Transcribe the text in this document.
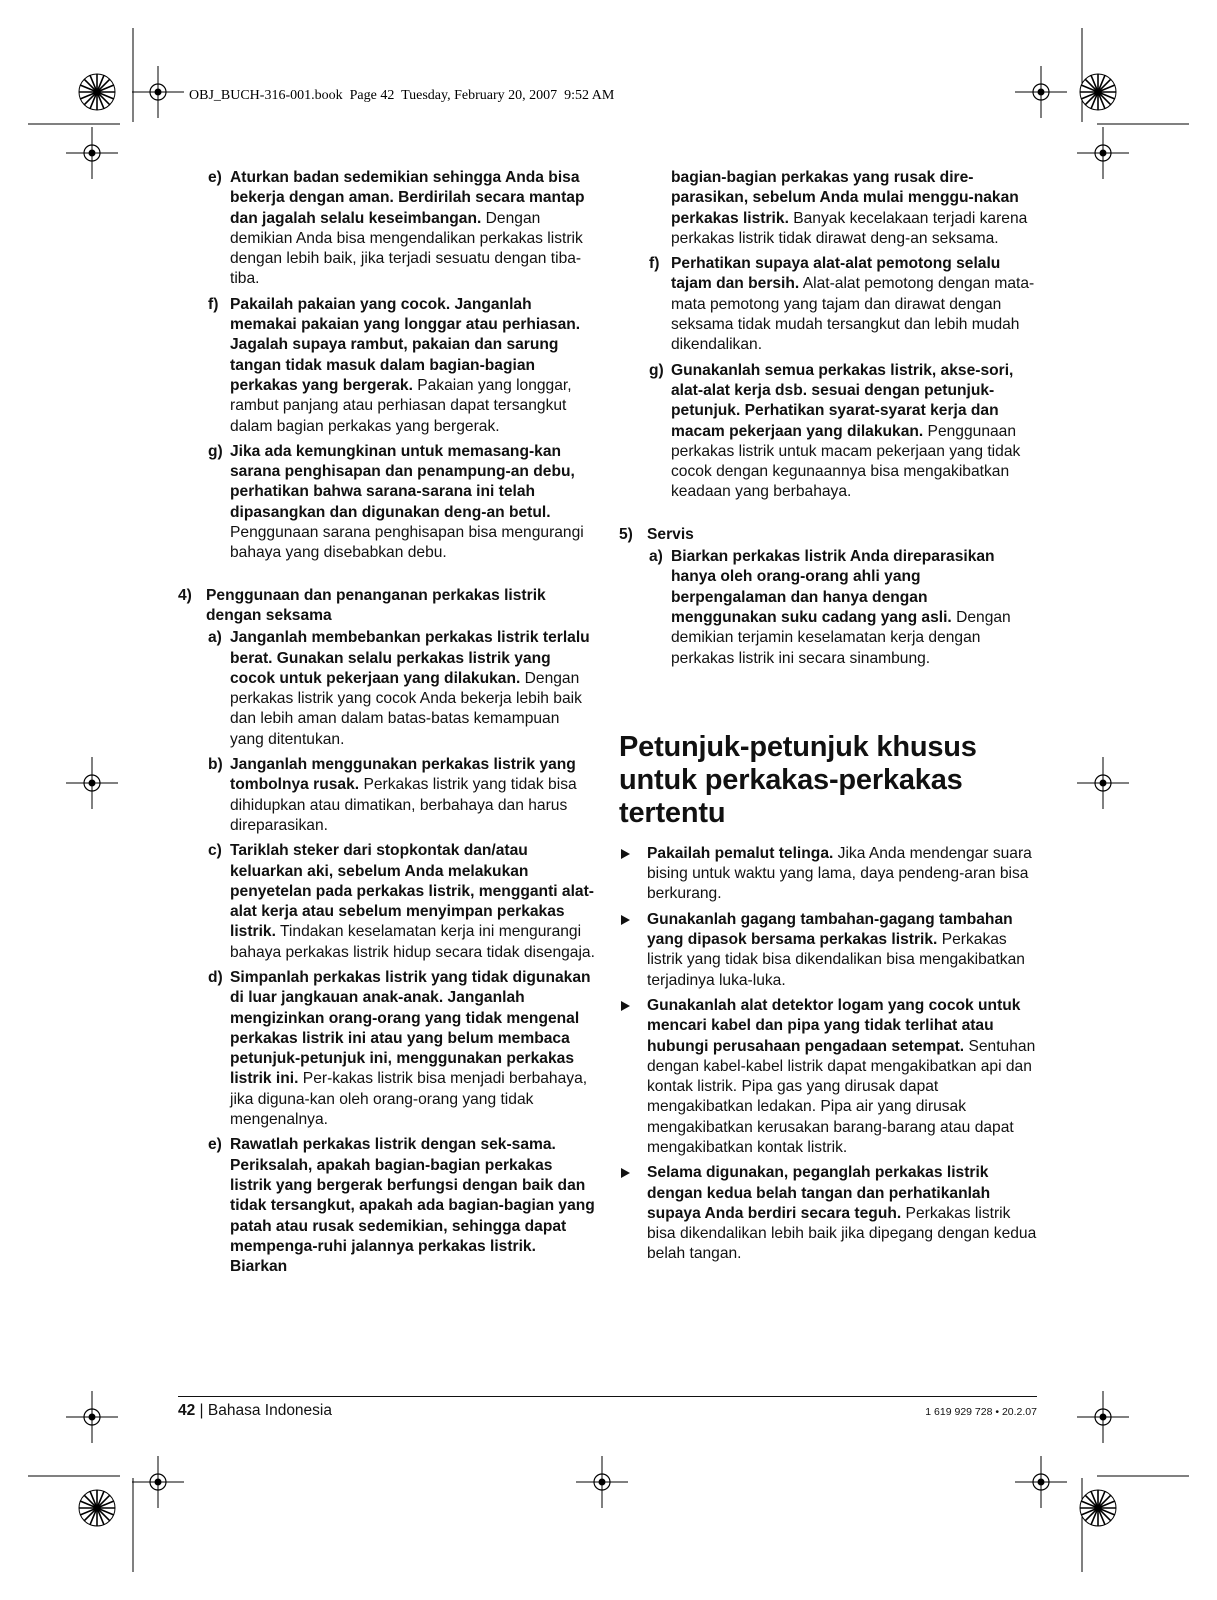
OBJ_BUCH-316-001.book  Page 42  Tuesday, February 20, 2007  9:52 AM
e) Aturkan badan sedemikian sehingga Anda bisa bekerja dengan aman. Berdirilah secara mantap dan jagalah selalu keseimbangan. Dengan demikian Anda bisa mengendalikan perkakas listrik dengan lebih baik, jika terjadi sesuatu dengan tiba-tiba.
f) Pakailah pakaian yang cocok. Janganlah memakai pakaian yang longgar atau perhiasan. Jagalah supaya rambut, pakaian dan sarung tangan tidak masuk dalam bagian-bagian perkakas yang bergerak. Pakaian yang longgar, rambut panjang atau perhiasan dapat tersangkut dalam bagian perkakas yang bergerak.
g) Jika ada kemungkinan untuk memasang-kan sarana penghisapan dan penampung-an debu, perhatikan bahwa sarana-sarana ini telah dipasangkan dan digunakan deng-an betul. Penggunaan sarana penghisapan bisa mengurangi bahaya yang disebabkan debu.
4) Penggunaan dan penanganan perkakas listrik dengan seksama
a) Janganlah membebankan perkakas listrik terlalu berat. Gunakan selalu perkakas listrik yang cocok untuk pekerjaan yang dilakukan. Dengan perkakas listrik yang cocok Anda bekerja lebih baik dan lebih aman dalam batas-batas kemampuan yang ditentukan.
b) Janganlah menggunakan perkakas listrik yang tombolnya rusak. Perkakas listrik yang tidak bisa dihidupkan atau dimatikan, berbahaya dan harus direparasikan.
c) Tariklah steker dari stopkontak dan/atau keluarkan aki, sebelum Anda melakukan penyetelan pada perkakas listrik, mengganti alat-alat kerja atau sebelum menyimpan perkakas listrik. Tindakan keselamatan kerja ini mengurangi bahaya perkakas listrik hidup secara tidak disengaja.
d) Simpanlah perkakas listrik yang tidak digunakan di luar jangkauan anak-anak. Janganlah mengizinkan orang-orang yang tidak mengenal perkakas listrik ini atau yang belum membaca petunjuk-petunjuk ini, menggunakan perkakas listrik ini. Per-kakas listrik bisa menjadi berbahaya, jika diguna-kan oleh orang-orang yang tidak mengenalnya.
e) Rawatlah perkakas listrik dengan sek-sama. Periksalah, apakah bagian-bagian perkakas listrik yang bergerak berfungsi dengan baik dan tidak tersangkut, apakah ada bagian-bagian yang patah atau rusak sedemikian, sehingga dapat mempenga-ruhi jalannya perkakas listrik. Biarkan
bagian-bagian perkakas yang rusak dire-parasikan, sebelum Anda mulai menggu-nakan perkakas listrik. Banyak kecelakaan terjadi karena perkakas listrik tidak dirawat deng-an seksama.
f) Perhatikan supaya alat-alat pemotong selalu tajam dan bersih. Alat-alat pemotong dengan mata-mata pemotong yang tajam dan dirawat dengan seksama tidak mudah tersangkut dan lebih mudah dikendalikan.
g) Gunakanlah semua perkakas listrik, akse-sori, alat-alat kerja dsb. sesuai dengan petunjuk-petunjuk. Perhatikan syarat-syarat kerja dan macam pekerjaan yang dilakukan. Penggunaan perkakas listrik untuk macam pekerjaan yang tidak cocok dengan kegunaannya bisa mengakibatkan keadaan yang berbahaya.
5) Servis
a) Biarkan perkakas listrik Anda direparasikan hanya oleh orang-orang ahli yang berpengalaman dan hanya dengan menggunakan suku cadang yang asli. Dengan demikian terjamin keselamatan kerja dengan perkakas listrik ini secara sinambung.
Petunjuk-petunjuk khusus untuk perkakas-perkakas tertentu
Pakailah pemalut telinga. Jika Anda mendengar suara bising untuk waktu yang lama, daya pendeng-aran bisa berkurang.
Gunakanlah gagang tambahan-gagang tambahan yang dipasok bersama perkakas listrik. Perkakas listrik yang tidak bisa dikendalikan bisa mengakibatkan terjadinya luka-luka.
Gunakanlah alat detektor logam yang cocok untuk mencari kabel dan pipa yang tidak terlihat atau hubungi perusahaan pengadaan setempat. Sentuhan dengan kabel-kabel listrik dapat mengakibatkan api dan kontak listrik. Pipa gas yang dirusak dapat mengakibatkan ledakan. Pipa air yang dirusak mengakibatkan kerusakan barang-barang atau dapat mengakibatkan kontak listrik.
Selama digunakan, peganglah perkakas listrik dengan kedua belah tangan dan perhatikanlah supaya Anda berdiri secara teguh. Perkakas listrik bisa dikendalikan lebih baik jika dipegang dengan kedua belah tangan.
42 | Bahasa Indonesia	1 619 929 728 • 20.2.07
